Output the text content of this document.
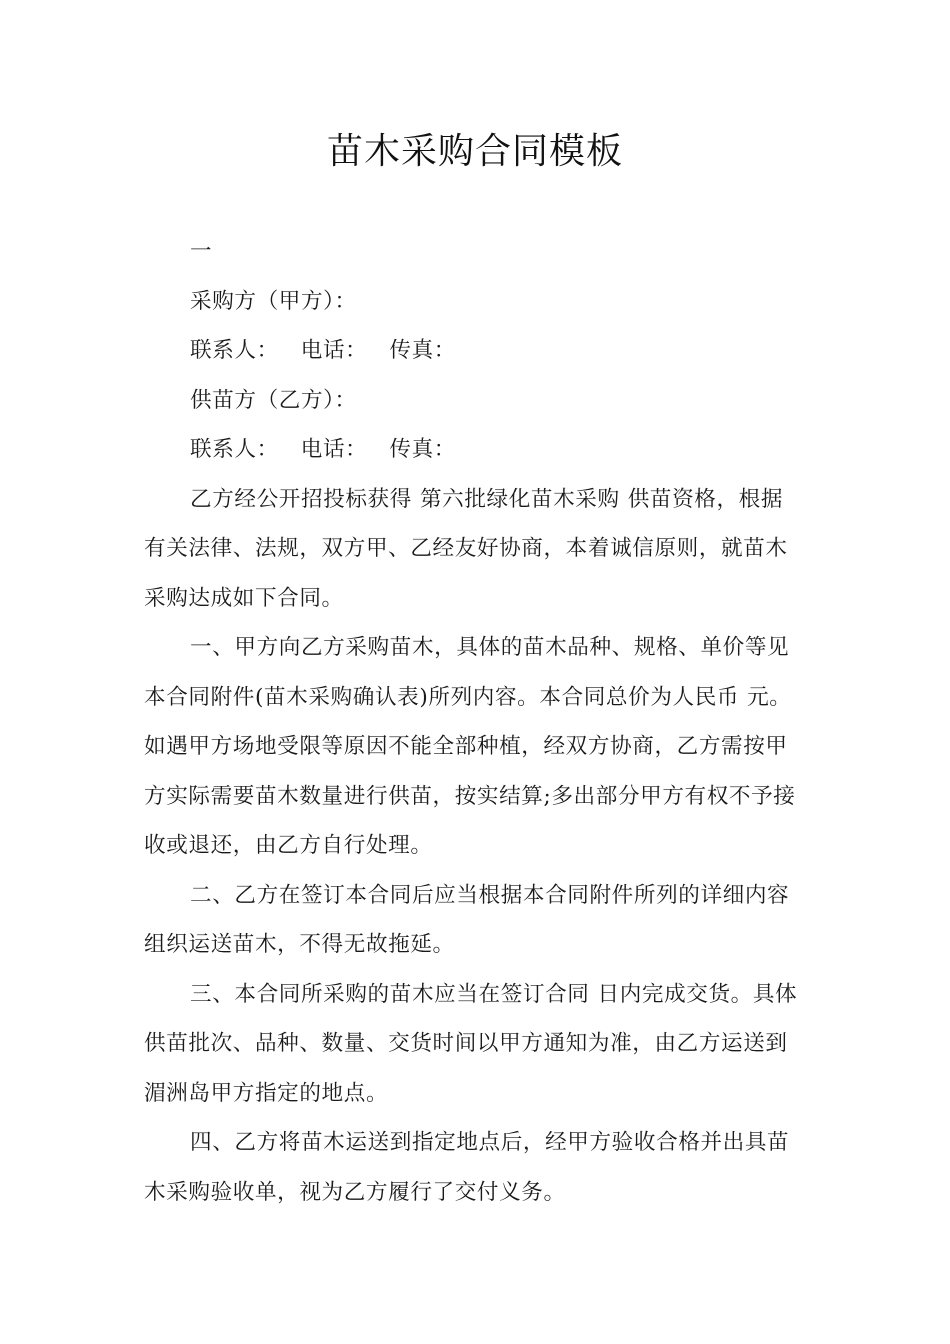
苗木采购合同模板

一

采购方（甲方）：

联系人： 电话： 传真：

供苗方（乙方）：

联系人： 电话： 传真：

乙方经公开招投标获得 第六批绿化苗木采购 供苗资格，根据有关法律、法规，双方甲、乙经友好协商，本着诚信原则，就苗木采购达成如下合同。

一、甲方向乙方采购苗木，具体的苗木品种、规格、单价等见本合同附件(苗木采购确认表)所列内容。本合同总价为人民币 元。如遇甲方场地受限等原因不能全部种植，经双方协商，乙方需按甲方实际需要苗木数量进行供苗，按实结算;多出部分甲方有权不予接收或退还，由乙方自行处理。

二、乙方在签订本合同后应当根据本合同附件所列的详细内容组织运送苗木，不得无故拖延。

三、本合同所采购的苗木应当在签订合同 日内完成交货。具体供苗批次、品种、数量、交货时间以甲方通知为准，由乙方运送到湄洲岛甲方指定的地点。

四、乙方将苗木运送到指定地点后，经甲方验收合格并出具苗木采购验收单，视为乙方履行了交付义务。
